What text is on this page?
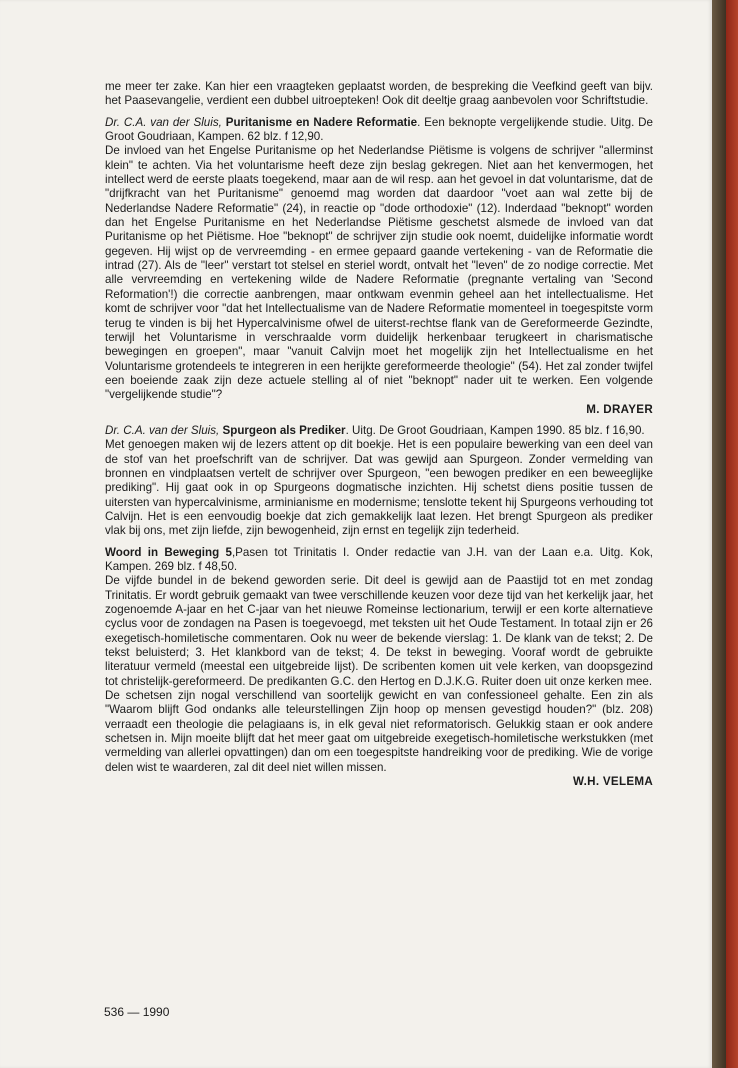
me meer ter zake. Kan hier een vraagteken geplaatst worden, de bespreking die Veefkind geeft van bijv. het Paasevangelie, verdient een dubbel uitroepteken! Ook dit deeltje graag aanbevolen voor Schriftstudie.

Dr. C.A. van der Sluis, Puritanisme en Nadere Reformatie. Een beknopte vergelijkende studie. Uitg. De Groot Goudriaan, Kampen. 62 blz. f 12,90.

De invloed van het Engelse Puritanisme op het Nederlandse Piëtisme is volgens de schrijver "allerminst klein" te achten. Via het voluntarisme heeft deze zijn beslag gekregen. Niet aan het kenvermogen, het intellect werd de eerste plaats toegekend, maar aan de wil resp. aan het gevoel in dat voluntarisme, dat de "drijfkracht van het Puritanisme" genoemd mag worden dat daardoor "voet aan wal zette bij de Nederlandse Nadere Reformatie" (24), in reactie op "dode orthodoxie" (12). Inderdaad "beknopt" worden dan het Engelse Puritanisme en het Nederlandse Piëtisme geschetst alsmede de invloed van dat Puritanisme op het Piëtisme. Hoe "beknopt" de schrijver zijn studie ook noemt, duidelijke informatie wordt gegeven. Hij wijst op de vervreemding - en ermee gepaard gaande vertekening - van de Reformatie die intrad (27). Als de "leer" verstart tot stelsel en steriel wordt, ontvalt het "leven" de zo nodige correctie. Met alle vervreemding en vertekening wilde de Nadere Reformatie (pregnante vertaling van 'Second Reformation'!) die correctie aanbrengen, maar ontkwam evenmin geheel aan het intellectualisme. Het komt de schrijver voor "dat het Intellectualisme van de Nadere Reformatie momenteel in toegespitste vorm terug te vinden is bij het Hypercalvinisme ofwel de uiterst-rechtse flank van de Gereformeerde Gezindte, terwijl het Voluntarisme in verschraalde vorm duidelijk herkenbaar terugkeert in charismatische bewegingen en groepen", maar "vanuit Calvijn moet het mogelijk zijn het Intellectualisme en het Voluntarisme grotendeels te integreren in een herijkte gereformeerde theologie" (54). Het zal zonder twijfel een boeiende zaak zijn deze actuele stelling al of niet "beknopt" nader uit te werken. Een volgende "vergelijkende studie"?

M. DRAYER

Dr. C.A. van der Sluis, Spurgeon als Prediker. Uitg. De Groot Goudriaan, Kampen 1990. 85 blz. f 16,90.

Met genoegen maken wij de lezers attent op dit boekje. Het is een populaire bewerking van een deel van de stof van het proefschrift van de schrijver. Dat was gewijd aan Spurgeon. Zonder vermelding van bronnen en vindplaatsen vertelt de schrijver over Spurgeon, "een bewogen prediker en een beweeglijke prediking". Hij gaat ook in op Spurgeons dogmatische inzichten. Hij schetst diens positie tussen de uitersten van hypercalvinisme, arminianisme en modernisme; tenslotte tekent hij Spurgeons verhouding tot Calvijn. Het is een eenvoudig boekje dat zich gemakkelijk laat lezen. Het brengt Spurgeon als prediker vlak bij ons, met zijn liefde, zijn bewogenheid, zijn ernst en tegelijk zijn tederheid.

Woord in Beweging 5,Pasen tot Trinitatis I. Onder redactie van J.H. van der Laan e.a. Uitg. Kok, Kampen. 269 blz. f 48,50.

De vijfde bundel in de bekend geworden serie. Dit deel is gewijd aan de Paastijd tot en met zondag Trinitatis. Er wordt gebruik gemaakt van twee verschillende keuzen voor deze tijd van het kerkelijk jaar, het zogenoemde A-jaar en het C-jaar van het nieuwe Romeinse lectionarium, terwijl er een korte alternatieve cyclus voor de zondagen na Pasen is toegevoegd, met teksten uit het Oude Testament. In totaal zijn er 26 exegetisch-homiletische commentaren. Ook nu weer de bekende vierslag: 1. De klank van de tekst; 2. De tekst beluisterd; 3. Het klankbord van de tekst; 4. De tekst in beweging. Vooraf wordt de gebruikte literatuur vermeld (meestal een uitgebreide lijst). De scribenten komen uit vele kerken, van doopsgezind tot christelijk-gereformeerd. De predikanten G.C. den Hertog en D.J.K.G. Ruiter doen uit onze kerken mee.

De schetsen zijn nogal verschillend van soortelijk gewicht en van confessioneel gehalte. Een zin als "Waarom blijft God ondanks alle teleurstellingen Zijn hoop op mensen gevestigd houden?" (blz. 208) verraadt een theologie die pelagiaans is, in elk geval niet reformatorisch. Gelukkig staan er ook andere schetsen in. Mijn moeite blijft dat het meer gaat om uitgebreide exegetisch-homiletische werkstukken (met vermelding van allerlei opvattingen) dan om een toegespitste handreiking voor de prediking. Wie de vorige delen wist te waarderen, zal dit deel niet willen missen.

W.H. VELEMA

536 — 1990
